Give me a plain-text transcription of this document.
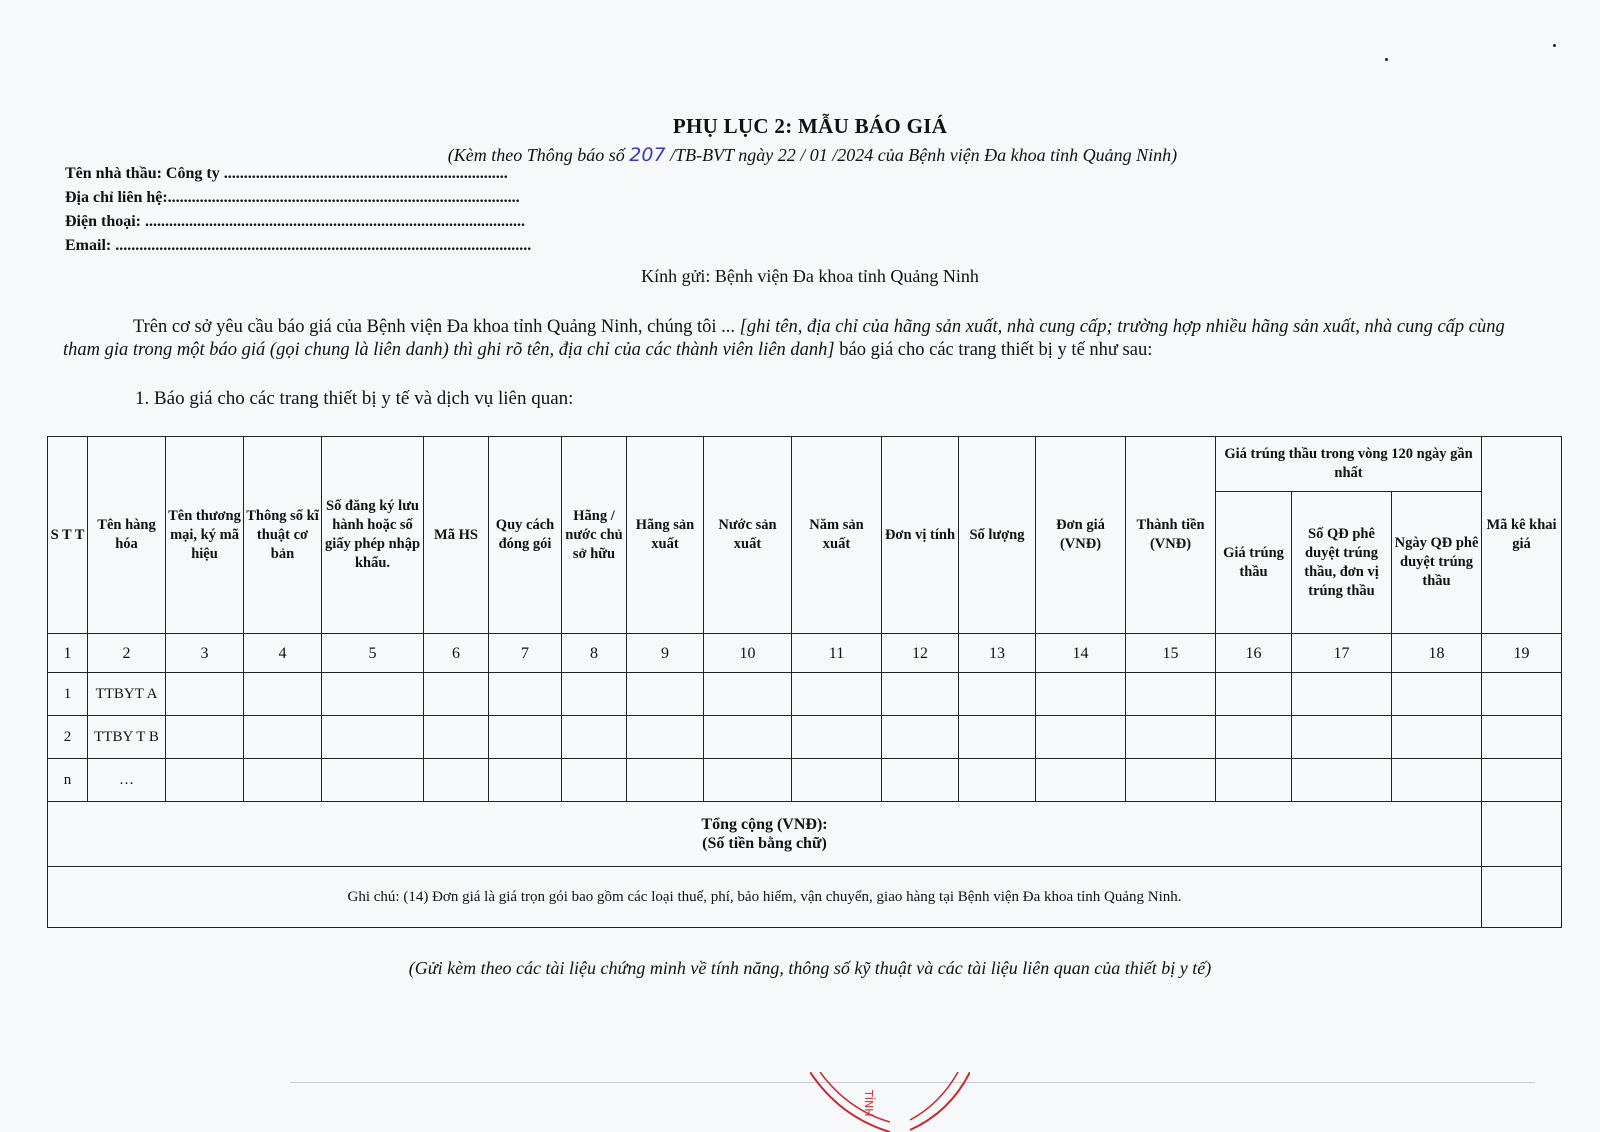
PHỤ LỤC 2: MẪU BÁO GIÁ
(Kèm theo Thông báo số 207 /TB-BVT ngày 22 / 01 /2024 của Bệnh viện Đa khoa tỉnh Quảng Ninh)
Tên nhà thầu: Công ty .......................................................................
Địa chỉ liên hệ:........................................................................................
Điện thoại: ...............................................................................................
Email: ........................................................................................................
Kính gửi: Bệnh viện Đa khoa tỉnh Quảng Ninh
Trên cơ sở yêu cầu báo giá của Bệnh viện Đa khoa tỉnh Quảng Ninh, chúng tôi ... [ghi tên, địa chỉ của hãng sản xuất, nhà cung cấp; trường hợp nhiều hãng sản xuất, nhà cung cấp cùng tham gia trong một báo giá (gọi chung là liên danh) thì ghi rõ tên, địa chỉ của các thành viên liên danh] báo giá cho các trang thiết bị y tế như sau:
1. Báo giá cho các trang thiết bị y tế và dịch vụ liên quan:
S T T	Tên hàng hóa	Tên thương mại, ký mã hiệu	Thông số kĩ thuật cơ bản	Số đăng ký lưu hành hoặc số giấy phép nhập khẩu.	Mã HS	Quy cách đóng gói	Hãng / nước chủ sở hữu	Hãng sản xuất	Nước sản xuất	Năm sản xuất	Đơn vị tính	Số lượng	Đơn giá (VNĐ)	Thành tiền (VNĐ)	Giá trúng thầu trong vòng 120 ngày gần nhất			Mã kê khai giá
															Giá trúng thầu	Số QĐ phê duyệt trúng thầu, đơn vị trúng thầu	Ngày QĐ phê duyệt trúng thầu	
1	2	3	4	5	6	7	8	9	10	11	12	13	14	15	16	17	18	19
1	TTBYT A																	
2	TTBY T B																	
n	…																	

Tổng cộng (VNĐ):
(Số tiền bằng chữ)																		

Ghi chú: (14) Đơn giá là giá trọn gói bao gồm các loại thuế, phí, bảo hiểm, vận chuyển, giao hàng tại Bệnh viện Đa khoa tỉnh Quảng Ninh.																		
(Gửi kèm theo các tài liệu chứng minh về tính năng, thông số kỹ thuật và các tài liệu liên quan của thiết bị y tế)
TỈNH
